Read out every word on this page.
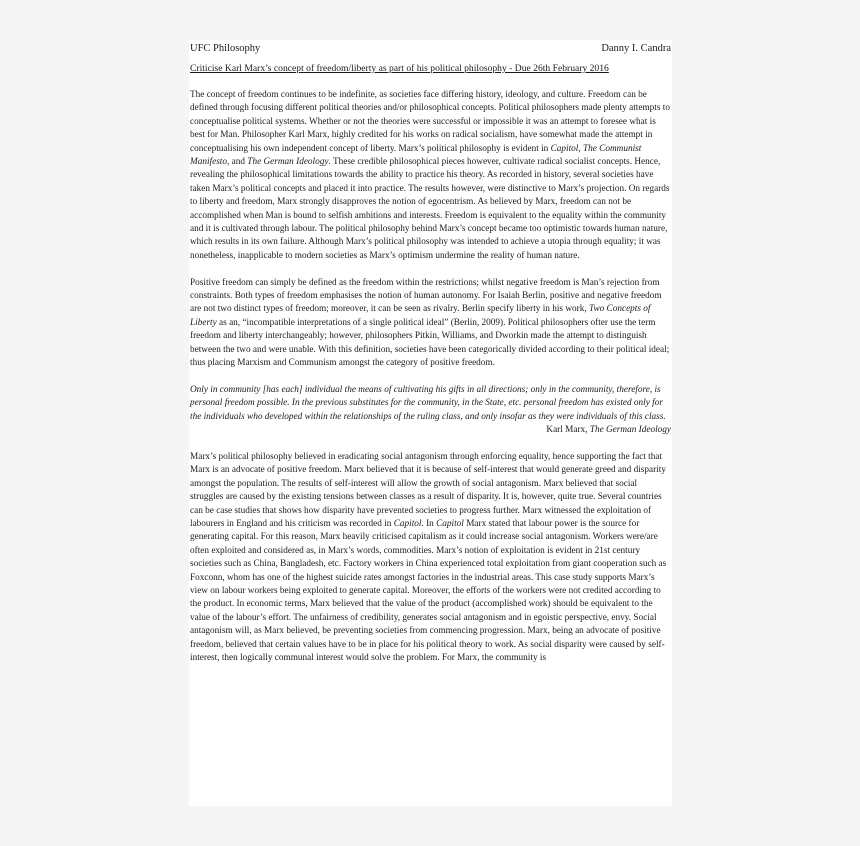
UFC Philosophy	Danny I. Candra
Criticise Karl Marx’s concept of freedom/liberty as part of his political philosophy - Due 26th February 2016

The concept of freedom continues to be indefinite, as societies face differing history, ideology, and culture. Freedom can be defined through focusing different political theories and/or philosophical concepts. Political philosophers made plenty attempts to conceptualise political systems. Whether or not the theories were successful or impossible it was an attempt to foresee what is best for Man. Philosopher Karl Marx, highly credited for his works on radical socialism, have somewhat made the attempt in conceptualising his own independent concept of liberty. Marx’s political philosophy is evident in Capitol, The Communist Manifesto, and The German Ideology. These credible philosophical pieces however, cultivate radical socialist concepts. Hence, revealing the philosophical limitations towards the ability to practice his theory. As recorded in history, several societies have taken Marx’s political concepts and placed it into practice. The results however, were distinctive to Marx’s projection. On regards to liberty and freedom, Marx strongly disapproves the notion of egocentrism. As believed by Marx, freedom can not be accomplished when Man is bound to selfish ambitions and interests. Freedom is equivalent to the equality within the community and it is cultivated through labour. The political philosophy behind Marx’s concept became too optimistic towards human nature, which results in its own failure. Although Marx’s political philosophy was intended to achieve a utopia through equality; it was nonetheless, inapplicable to modern societies as Marx’s optimism undermine the reality of human nature.

Positive freedom can simply be defined as the freedom within the restrictions; whilst negative freedom is Man’s rejection from constraints. Both types of freedom emphasises the notion of human autonomy. For Isaiah Berlin, positive and negative freedom are not two distinct types of freedom; moreover, it can be seen as rivalry. Berlin specify liberty in his work, Two Concepts of Liberty as an, “incompatible interpretations of a single political ideal” (Berlin, 2009). Political philosophers ofter use the term freedom and liberty interchangeably; however, philosophers Pitkin, Williams, and Dworkin made the attempt to distinguish between the two and were unable. With this definition, societies have been categorically divided according to their political ideal; thus placing Marxism and Communism amongst the category of positive freedom.

Only in community [has each] individual the means of cultivating his gifts in all directions; only in the community, therefore, is personal freedom possible. In the previous substitutes for the community, in the State, etc. personal freedom has existed only for the individuals who developed within the relationships of the ruling class, and only insofar as they were individuals of this class.

Karl Marx, The German Ideology

Marx’s political philosophy believed in eradicating social antagonism through enforcing equality, hence supporting the fact that Marx is an advocate of positive freedom. Marx believed that it is because of self-interest that would generate greed and disparity amongst the population. The results of self-interest will allow the growth of social antagonism. Marx believed that social struggles are caused by the existing tensions between classes as a result of disparity. It is, however, quite true. Several countries can be case studies that shows how disparity have prevented societies to progress further. Marx witnessed the exploitation of labourers in England and his criticism was recorded in Capitol. In Capitol Marx stated that labour power is the source for generating capital. For this reason, Marx heavily criticised capitalism as it could increase social antagonism. Workers were/are often exploited and considered as, in Marx’s words, commodities. Marx’s notion of exploitation is evident in 21st century societies such as China, Bangladesh, etc. Factory workers in China experienced total exploitation from giant cooperation such as Foxconn, whom has one of the highest suicide rates amongst factories in the industrial areas. This case study supports Marx’s view on labour workers being exploited to generate capital. Moreover, the efforts of the workers were not credited according to the product. In economic terms, Marx believed that the value of the product (accomplished work) should be equivalent to the value of the labour’s effort. The unfairness of credibility, generates social antagonism and in egoistic perspective, envy. Social antagonism will, as Marx believed, be preventing societies from commencing progression. Marx, being an advocate of positive freedom, believed that certain values have to be in place for his political theory to work. As social disparity were caused by self-interest, then logically communal interest would solve the problem. For Marx, the community is
